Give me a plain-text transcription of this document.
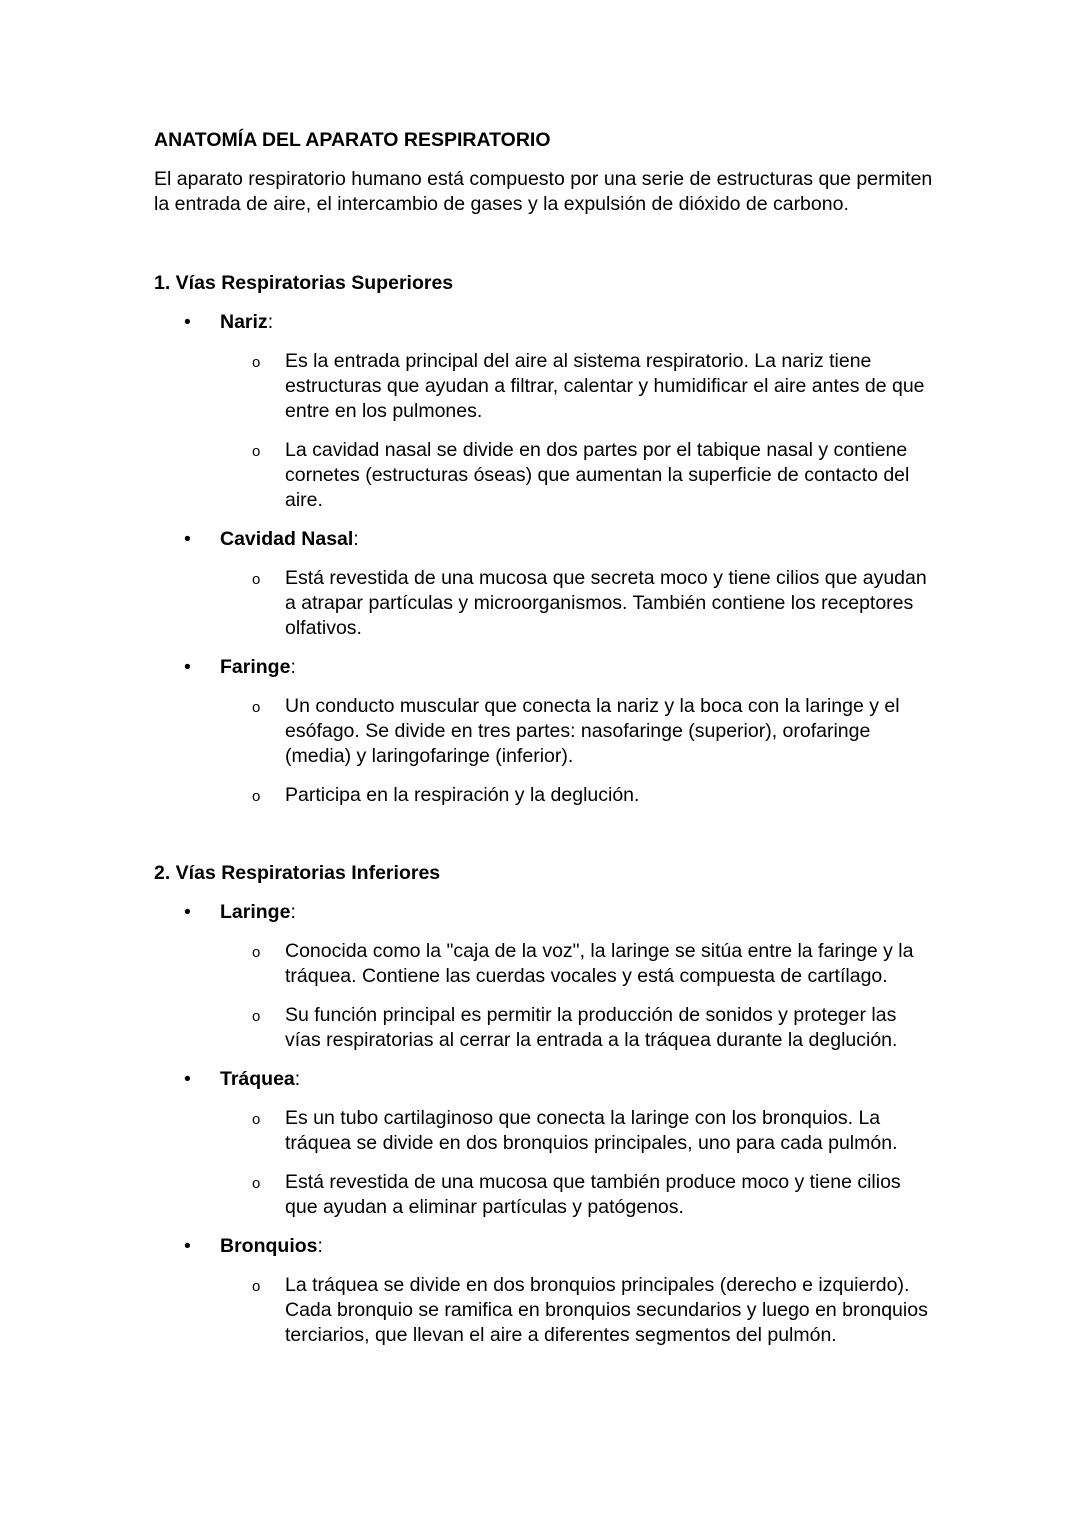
ANATOMÍA DEL APARATO RESPIRATORIO

El aparato respiratorio humano está compuesto por una serie de estructuras que permiten la entrada de aire, el intercambio de gases y la expulsión de dióxido de carbono.

1. Vías Respiratorias Superiores
• Nariz:
o Es la entrada principal del aire al sistema respiratorio. La nariz tiene estructuras que ayudan a filtrar, calentar y humidificar el aire antes de que entre en los pulmones.
o La cavidad nasal se divide en dos partes por el tabique nasal y contiene cornetes (estructuras óseas) que aumentan la superficie de contacto del aire.
• Cavidad Nasal:
o Está revestida de una mucosa que secreta moco y tiene cilios que ayudan a atrapar partículas y microorganismos. También contiene los receptores olfativos.
• Faringe:
o Un conducto muscular que conecta la nariz y la boca con la laringe y el esófago. Se divide en tres partes: nasofaringe (superior), orofaringe (media) y laringofaringe (inferior).
o Participa en la respiración y la deglución.
2. Vías Respiratorias Inferiores
• Laringe:
o Conocida como la "caja de la voz", la laringe se sitúa entre la faringe y la tráquea. Contiene las cuerdas vocales y está compuesta de cartílago.
o Su función principal es permitir la producción de sonidos y proteger las vías respiratorias al cerrar la entrada a la tráquea durante la deglución.
• Tráquea:
o Es un tubo cartilaginoso que conecta la laringe con los bronquios. La tráquea se divide en dos bronquios principales, uno para cada pulmón.
o Está revestida de una mucosa que también produce moco y tiene cilios que ayudan a eliminar partículas y patógenos.
• Bronquios:
o La tráquea se divide en dos bronquios principales (derecho e izquierdo). Cada bronquio se ramifica en bronquios secundarios y luego en bronquios terciarios, que llevan el aire a diferentes segmentos del pulmón.
